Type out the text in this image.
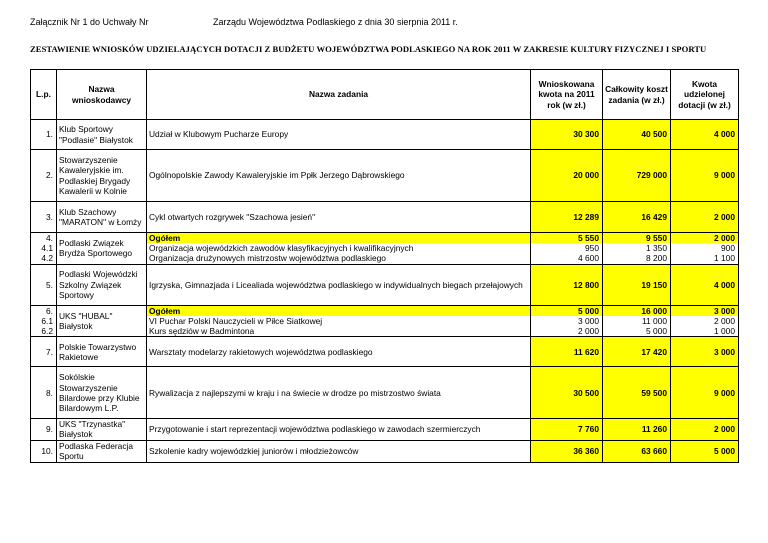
Załącznik Nr 1 do Uchwały Nr	Zarządu Województwa Podlaskiego z dnia 30 sierpnia 2011 r.
ZESTAWIENIE WNIOSKÓW UDZIELAJĄCYCH DOTACJI Z BUDŻETU WOJEWÓDZTWA PODLASKIEGO NA ROK 2011 W ZAKRESIE KULTURY FIZYCZNEJ I SPORTU
L.p.	Nazwa wnioskodawcy	Nazwa zadania	Wnioskowana kwota na 2011 rok (w zł.)	Całkowity koszt zadania (w zł.)	Kwota udzielonej dotacji (w zł.)
1.	Klub Sportowy "Podlasie" Białystok	Udział w Klubowym Pucharze Europy	30 300	40 500	4 000
2.	Stowarzyszenie Kawaleryjskie im. Podlaskiej Brygady Kawalerii w Kolnie	Ogólnopolskie Zawody Kawaleryjskie im Ppłk Jerzego Dąbrowskiego	20 000	729 000	9 000
3.	Klub Szachowy "MARATON" w Łomży	Cykl otwartych rozgrywek "Szachowa jesień"	12 289	16 429	2 000
4.	Podlaski Związek Brydża Sportowego	Ogółem	5 550	9 550	2 000
4.1		Organizacja wojewódzkich zawodów klasyfikacyjnych i kwalifikacyjnych	950	1 350	900
4.2		Organizacja drużynowych mistrzostw województwa podlaskiego	4 600	8 200	1 100
5.	Podlaski Wojewódzki Szkolny Związek Sportowy	Igrzyska, Gimnazjada i Licealiada województwa podlaskiego w indywidualnych biegach przełajowych	12 800	19 150	4 000
6.	UKS "HUBAL" Białystok	Ogółem	5 000	16 000	3 000
6.1		VI Puchar Polski Nauczycieli w Piłce Siatkowej	3 000	11 000	2 000
6.2		Kurs sędziów w Badmintona	2 000	5 000	1 000
7.	Polskie Towarzystwo Rakietowe	Warsztaty modelarzy rakietowych województwa podlaskiego	11 620	17 420	3 000
8.	Sokólskie Stowarzyszenie Bilardowe przy Klubie Bilardowym L.P.	Rywalizacja z najlepszymi w kraju i na świecie w drodze po mistrzostwo świata	30 500	59 500	9 000
9.	UKS "Trzynastka" Białystok	Przygotowanie i start reprezentacji województwa podlaskiego w zawodach szermierczych	7 760	11 260	2 000
10.	Podlaska Federacja Sportu	Szkolenie kadry wojewódzkiej juniorów i młodzieżowców	36 360	63 660	5 000
